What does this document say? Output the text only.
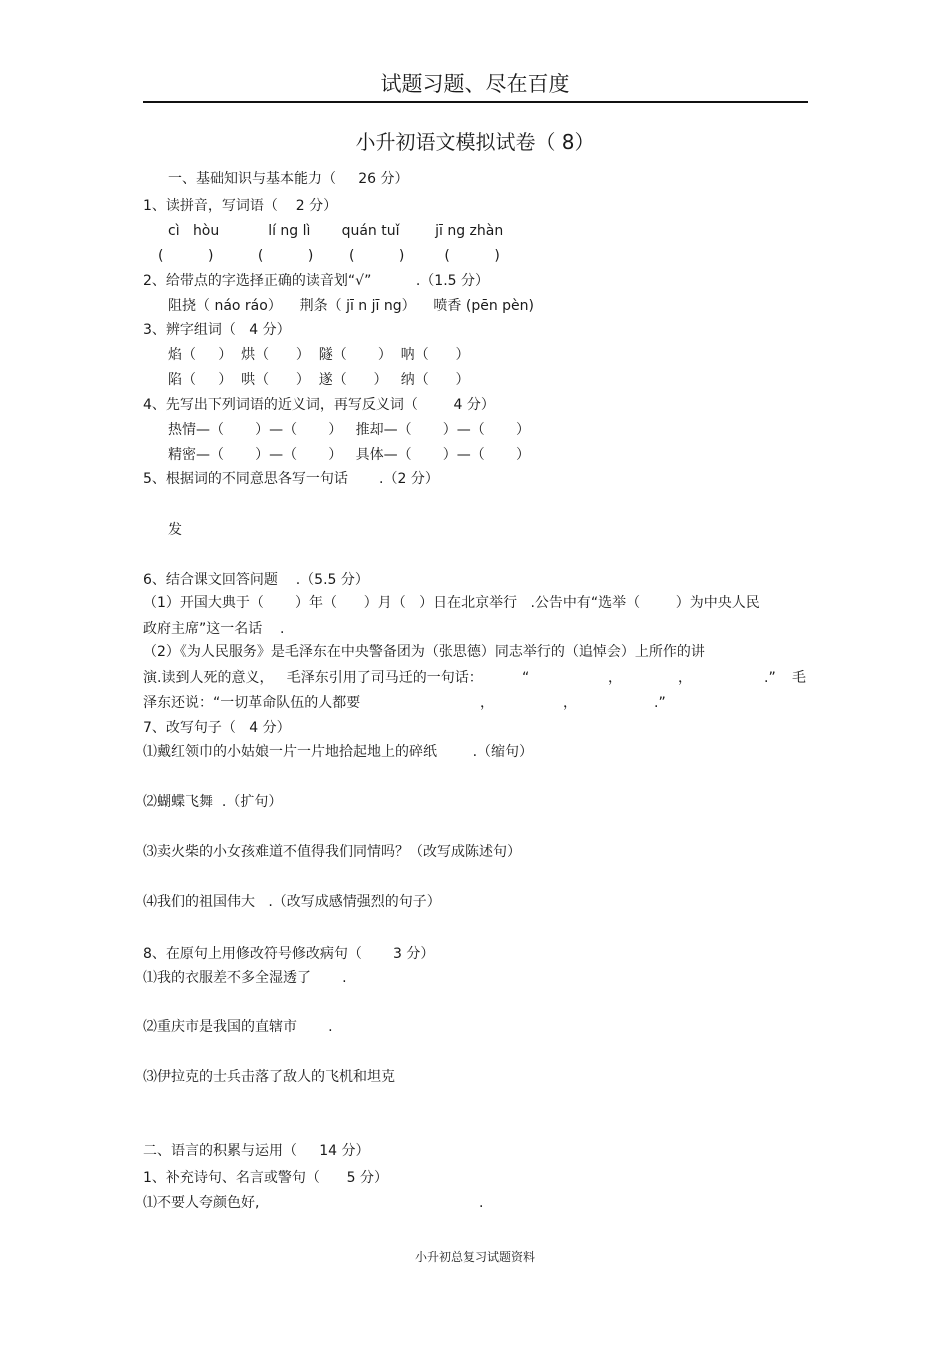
试题习题、尽在百度
小升初语文模拟试卷（ 8）
一、基础知识与基本能力（     26 分）
1、读拼音，写词语（    2 分）
cì   hòu           lí ng lì       quán tuǐ        jī ng zhàn
(          )          (          )        (          )         (          )
2、给带点的字选择正确的读音划“√”          .（1.5 分）
阻挠（ náo ráo）    荆条（ jī n jī ng）    喷香 (pēn pèn)
3、辨字组词（   4 分）
焰（     ）  烘（      ）  隧（       ）  呐（      ）
陷（     ）  哄（      ）  遂（      ）   纳（      ）
4、先写出下列词语的近义词，再写反义词（        4 分）
热情—（       ）—（       ）   推却—（       ）—（       ）
精密—（       ）—（       ）   具体—（       ）—（       ）
5、根据词的不同意思各写一句话       .（2 分）
发
6、结合课文回答问题    .（5.5 分）
（1）开国大典于（       ）年（      ）月（   ）日在北京举行   .公告中有“选举（        ）为中央人民
政府主席”这一名话    .
（2）《为人民服务》是毛泽东在中央警备团为（张思德）同志举行的（追悼会）上所作的讲
演.读到人死的意义，   毛泽东引用了司马迁的一句话：	“	，	，	.” 毛
泽东还说：“一切革命队伍的人都要	，	，	.”
7、改写句子（   4 分）
⑴戴红领巾的小姑娘一片一片地拾起地上的碎纸        .（缩句）
⑵蝴蝶飞舞  .（扩句）
⑶卖火柴的小女孩难道不值得我们同情吗？（改写成陈述句）
⑷我们的祖国伟大   .（改写成感情强烈的句子）
8、在原句上用修改符号修改病句（       3 分）
⑴我的衣服差不多全湿透了       .
⑵重庆市是我国的直辖市       .
⑶伊拉克的士兵击落了敌人的飞机和坦克
二、语言的积累与运用（     14 分）
1、补充诗句、名言或警句（      5 分）
⑴不要人夸颜色好,	.
小升初总复习试题资料
